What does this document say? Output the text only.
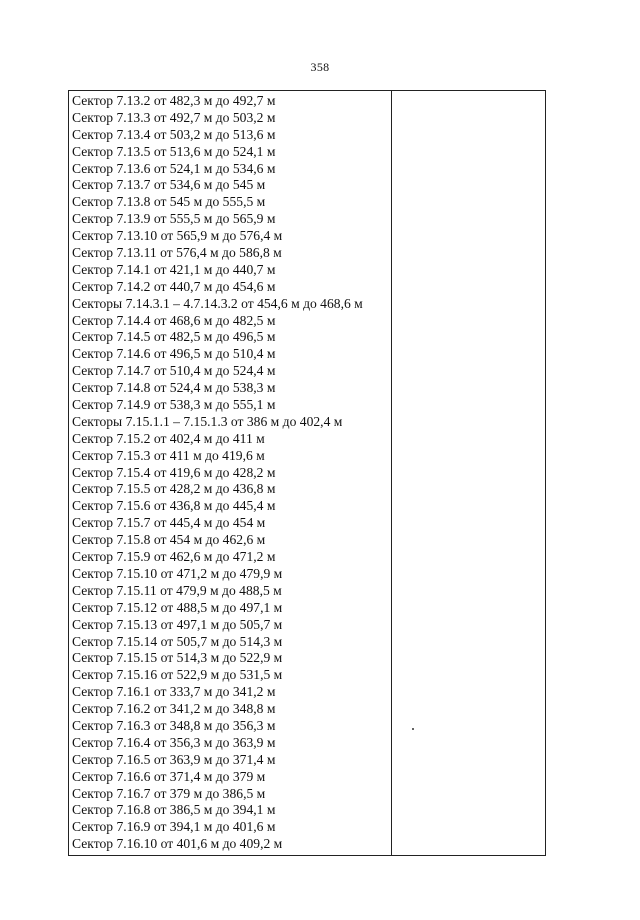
358
Сектор 7.13.2 от 482,3 м до 492,7 м
Сектор 7.13.3 от 492,7 м до 503,2 м
Сектор 7.13.4 от 503,2 м до 513,6 м
Сектор 7.13.5 от 513,6 м до 524,1 м
Сектор 7.13.6 от 524,1 м до 534,6 м
Сектор 7.13.7 от 534,6 м до 545 м
Сектор 7.13.8 от 545 м до 555,5 м
Сектор 7.13.9 от 555,5 м до 565,9 м
Сектор 7.13.10 от 565,9 м до 576,4 м
Сектор 7.13.11 от 576,4 м до 586,8 м
Сектор 7.14.1 от 421,1 м до 440,7 м
Сектор 7.14.2 от 440,7 м до 454,6 м
Секторы 7.14.3.1 – 4.7.14.3.2 от 454,6 м до 468,6 м
Сектор 7.14.4 от 468,6 м до 482,5 м
Сектор 7.14.5 от 482,5 м до 496,5 м
Сектор 7.14.6 от 496,5 м до 510,4 м
Сектор 7.14.7 от 510,4 м до 524,4 м
Сектор 7.14.8 от 524,4 м до 538,3 м
Сектор 7.14.9 от 538,3 м до 555,1 м
Секторы 7.15.1.1 – 7.15.1.3 от 386 м до 402,4 м
Сектор 7.15.2 от 402,4 м до 411 м
Сектор 7.15.3 от 411 м до 419,6 м
Сектор 7.15.4 от 419,6 м до 428,2 м
Сектор 7.15.5 от 428,2 м до 436,8 м
Сектор 7.15.6 от 436,8 м до 445,4 м
Сектор 7.15.7 от 445,4 м до 454 м
Сектор 7.15.8 от 454 м до 462,6 м
Сектор 7.15.9 от 462,6 м до 471,2 м
Сектор 7.15.10 от 471,2 м до 479,9 м
Сектор 7.15.11 от 479,9 м до 488,5 м
Сектор 7.15.12 от 488,5 м до 497,1 м
Сектор 7.15.13 от 497,1 м до 505,7 м
Сектор 7.15.14 от 505,7 м до 514,3 м
Сектор 7.15.15 от 514,3 м до 522,9 м
Сектор 7.15.16 от 522,9 м до 531,5 м
Сектор 7.16.1 от 333,7 м до 341,2 м
Сектор 7.16.2 от 341,2 м до 348,8 м
Сектор 7.16.3 от 348,8 м до 356,3 м
Сектор 7.16.4 от 356,3 м до 363,9 м
Сектор 7.16.5 от 363,9 м до 371,4 м
Сектор 7.16.6 от 371,4 м до 379 м
Сектор 7.16.7 от 379 м до 386,5 м
Сектор 7.16.8 от 386,5 м до 394,1 м
Сектор 7.16.9 от 394,1 м до 401,6 м
Сектор 7.16.10 от 401,6 м до 409,2 м
